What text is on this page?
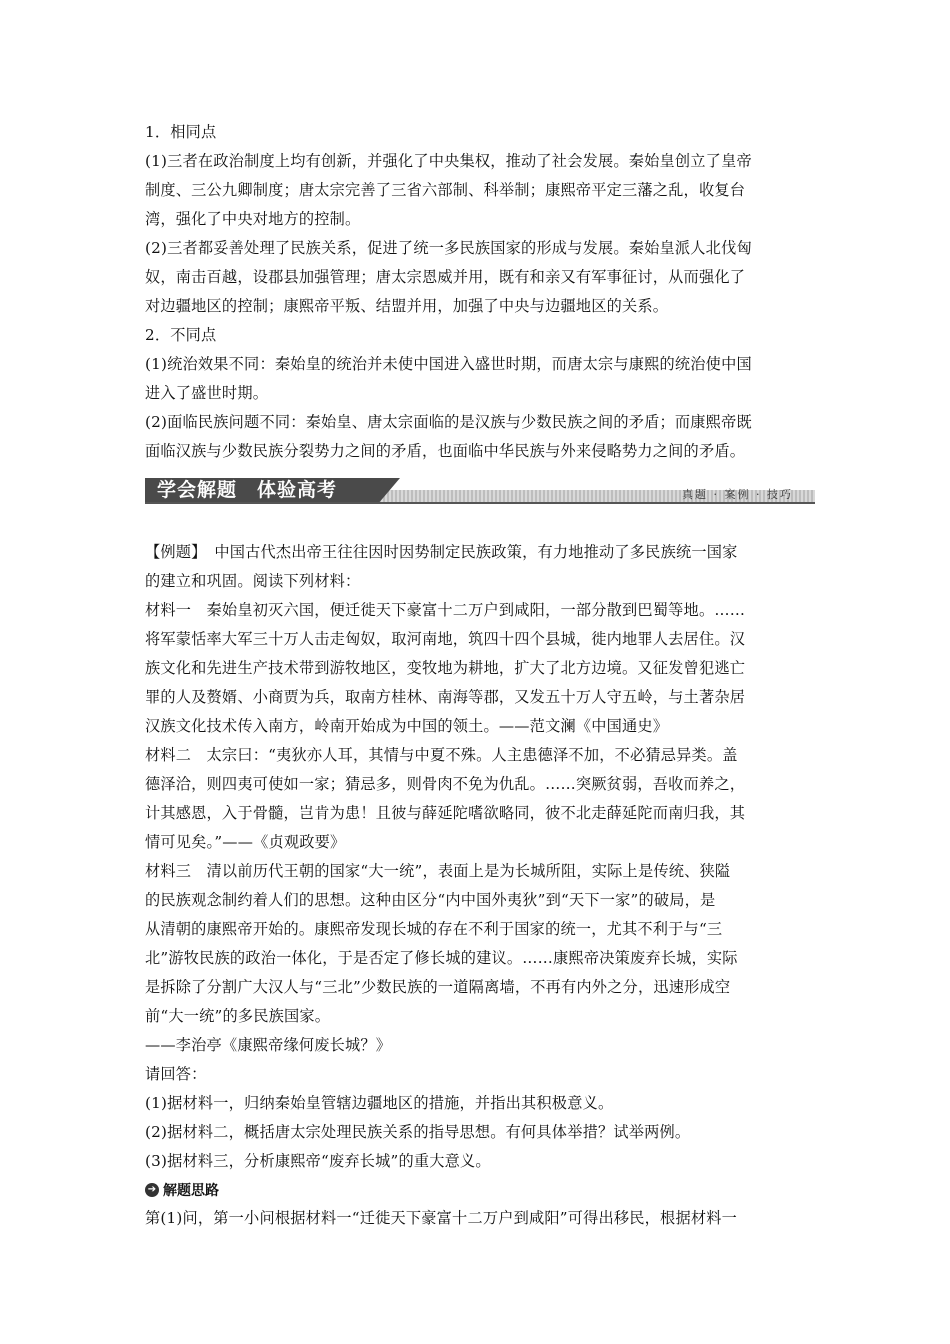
1．相同点
(1)三者在政治制度上均有创新，并强化了中央集权，推动了社会发展。秦始皇创立了皇帝
制度、三公九卿制度；唐太宗完善了三省六部制、科举制；康熙帝平定三藩之乱，收复台
湾，强化了中央对地方的控制。
(2)三者都妥善处理了民族关系，促进了统一多民族国家的形成与发展。秦始皇派人北伐匈
奴，南击百越，设郡县加强管理；唐太宗恩威并用，既有和亲又有军事征讨，从而强化了
对边疆地区的控制；康熙帝平叛、结盟并用，加强了中央与边疆地区的关系。
2．不同点
(1)统治效果不同：秦始皇的统治并未使中国进入盛世时期，而唐太宗与康熙的统治使中国
进入了盛世时期。
(2)面临民族问题不同：秦始皇、唐太宗面临的是汉族与少数民族之间的矛盾；而康熙帝既
面临汉族与少数民族分裂势力之间的矛盾，也面临中华民族与外来侵略势力之间的矛盾。
学会解题　体验高考	真题 · 案例 · 技巧
【例题】　中国古代杰出帝王往往因时因势制定民族政策，有力地推动了多民族统一国家
的建立和巩固。阅读下列材料：
材料一　秦始皇初灭六国，便迁徙天下豪富十二万户到咸阳，一部分散到巴蜀等地。……
将军蒙恬率大军三十万人击走匈奴，取河南地，筑四十四个县城，徙内地罪人去居住。汉
族文化和先进生产技术带到游牧地区，变牧地为耕地，扩大了北方边境。又征发曾犯逃亡
罪的人及赘婿、小商贾为兵，取南方桂林、南海等郡，又发五十万人守五岭，与土著杂居
汉族文化技术传入南方，岭南开始成为中国的领土。——范文澜《中国通史》
材料二　太宗曰：“夷狄亦人耳，其情与中夏不殊。人主患德泽不加，不必猜忌异类。盖
德泽洽，则四夷可使如一家；猜忌多，则骨肉不免为仇乱。……突厥贫弱，吾收而养之，
计其感恩，入于骨髓，岂肯为患！且彼与薛延陀嗜欲略同，彼不北走薛延陀而南归我，其
情可见矣。”——《贞观政要》
材料三　清以前历代王朝的国家“大一统”，表面上是为长城所阻，实际上是传统、狭隘
的民族观念制约着人们的思想。这种由区分“内中国外夷狄”到“天下一家”的破局，是
从清朝的康熙帝开始的。康熙帝发现长城的存在不利于国家的统一，尤其不利于与“三
北”游牧民族的政治一体化，于是否定了修长城的建议。……康熙帝决策废弃长城，实际
是拆除了分割广大汉人与“三北”少数民族的一道隔离墙，不再有内外之分，迅速形成空
前“大一统”的多民族国家。
——李治亭《康熙帝缘何废长城？》
请回答：
(1)据材料一，归纳秦始皇管辖边疆地区的措施，并指出其积极意义。
(2)据材料二，概括唐太宗处理民族关系的指导思想。有何具体举措？试举两例。
(3)据材料三，分析康熙帝“废弃长城”的重大意义。
➔ 解题思路
第(1)问，第一小问根据材料一“迁徙天下豪富十二万户到咸阳”可得出移民，根据材料一
